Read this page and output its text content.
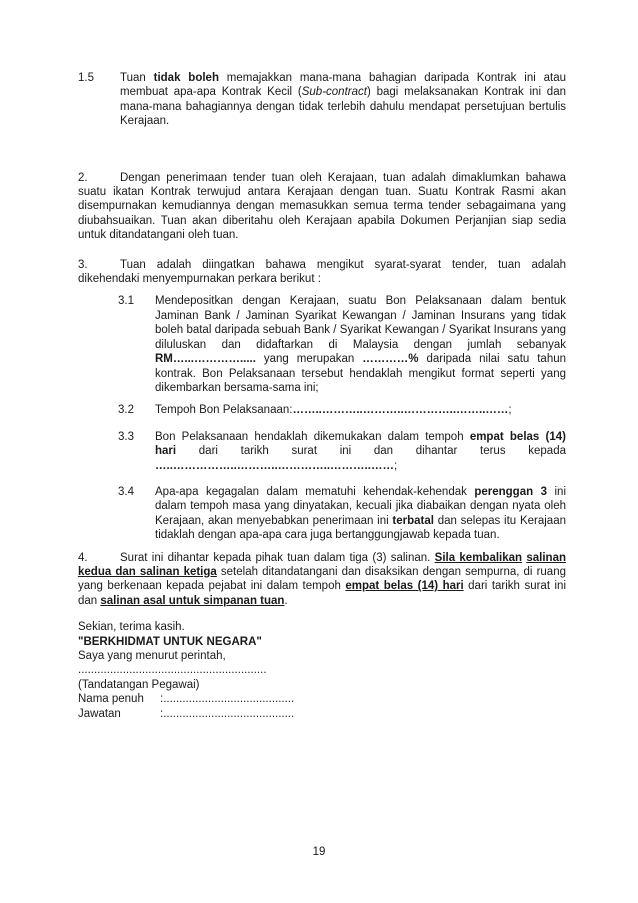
1.5 Tuan tidak boleh memajakkan mana-mana bahagian daripada Kontrak ini atau membuat apa-apa Kontrak Kecil (Sub-contract) bagi melaksanakan Kontrak ini dan mana-mana bahagiannya dengan tidak terlebih dahulu mendapat persetujuan bertulis Kerajaan.

2.	Dengan penerimaan tender tuan oleh Kerajaan, tuan adalah dimaklumkan bahawa suatu ikatan Kontrak terwujud antara Kerajaan dengan tuan. Suatu Kontrak Rasmi akan disempurnakan kemudiannya dengan memasukkan semua terma tender sebagaimana yang diubahsuaikan. Tuan akan diberitahu oleh Kerajaan apabila Dokumen Perjanjian siap sedia untuk ditandatangani oleh tuan.

3.	Tuan adalah diingatkan bahawa mengikut syarat-syarat tender, tuan adalah dikehendaki menyempurnakan perkara berikut :

3.1 Mendepositkan dengan Kerajaan, suatu Bon Pelaksanaan dalam bentuk Jaminan Bank / Jaminan Syarikat Kewangan / Jaminan Insurans yang tidak boleh batal daripada sebuah Bank / Syarikat Kewangan / Syarikat Insurans yang diluluskan dan didaftarkan di Malaysia dengan jumlah sebanyak RM…...…………..... yang merupakan …………% daripada nilai satu tahun kontrak. Bon Pelaksanaan tersebut hendaklah mengikut format seperti yang dikembarkan bersama-sama ini;

3.2 Tempoh Bon Pelaksanaan:……..………..………..…………..……..……;

3.3 Bon Pelaksanaan hendaklah dikemukakan dalam tempoh empat belas (14) hari dari tarikh surat ini dan dihantar terus kepada …..……………..………..…………..………..……;

3.4 Apa-apa kegagalan dalam mematuhi kehendak-kehendak perenggan 3 ini dalam tempoh masa yang dinyatakan, kecuali jika diabaikan dengan nyata oleh Kerajaan, akan menyebabkan penerimaan ini terbatal dan selepas itu Kerajaan tidaklah dengan apa-apa cara juga bertanggungjawab kepada tuan.

4.	Surat ini dihantar kepada pihak tuan dalam tiga (3) salinan. Sila kembalikan salinan kedua dan salinan ketiga setelah ditandatangani dan disaksikan dengan sempurna, di ruang yang berkenaan kepada pejabat ini dalam tempoh empat belas (14) hari dari tarikh surat ini dan salinan asal untuk simpanan tuan.

Sekian, terima kasih.

"BERKHIDMAT UNTUK NEGARA"

Saya yang menurut perintah,

...........................................................

(Tandatangan Pegawai)

Nama penuh :.........................................

Jawatan	:.........................................

19
